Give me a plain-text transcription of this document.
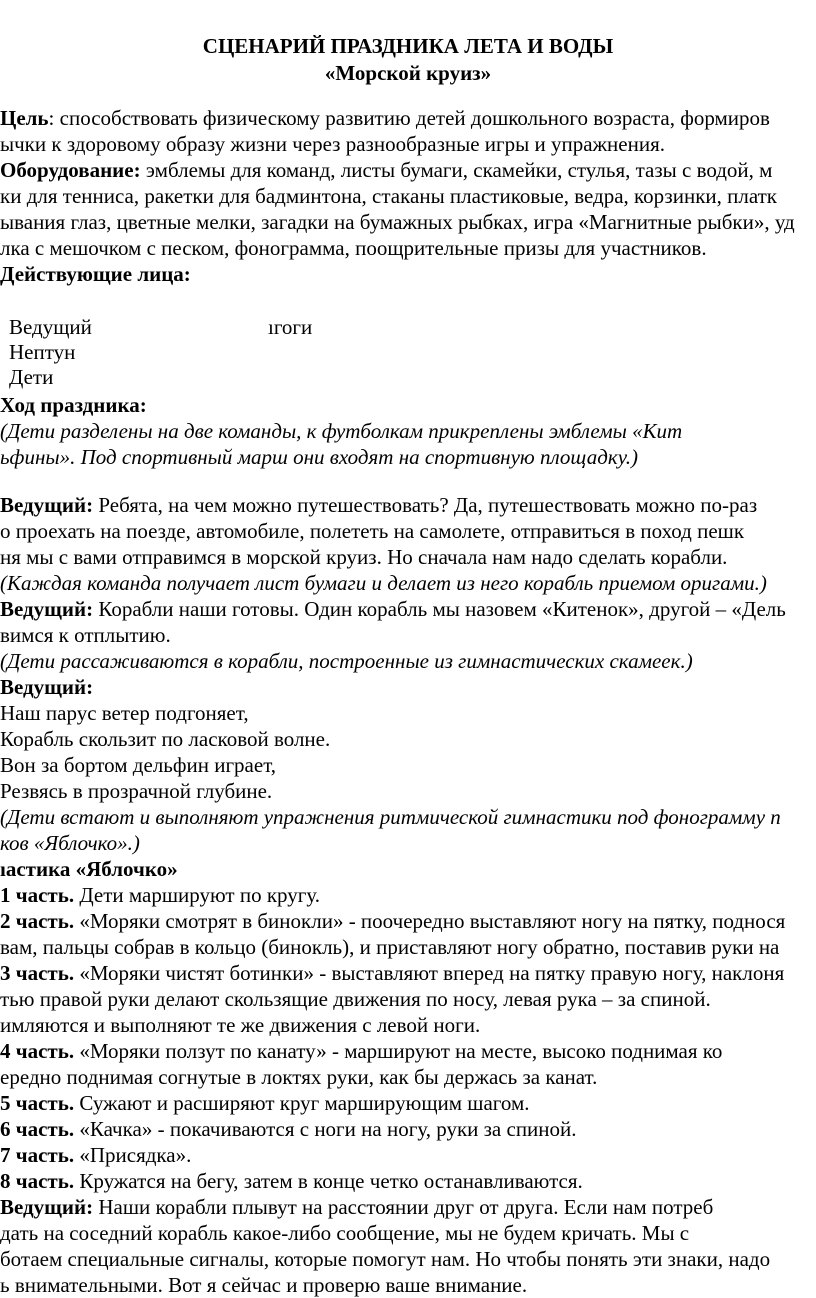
СЦЕНАРИЙ ПРАЗДНИКА ЛЕТА И ВОДЫ
«Морской круиз»
Цель: способствовать физическому развитию детей дошкольного возраста, формиров
ычки к здоровому образу жизни через разнообразные игры и упражнения.
Оборудование: эмблемы для команд, листы бумаги, скамейки, стулья, тазы с водой, м
ки для тенниса, ракетки для бадминтона, стаканы пластиковые, ведра, корзинки, платк
ывания глаз, цветные мелки, загадки на бумажных рыбках, игра «Магнитные рыбки», уд
лка с мешочком с песком, фонограмма, поощрительные призы для участников.
Действующие лица:
Ведущий	ıгоги
Нептун
Дети
Ход праздника:
(Дети разделены на две команды, к футболкам прикреплены эмблемы «Кит
ьфины». Под спортивный марш они входят на спортивную площадку.)
Ведущий: Ребята, на чем можно путешествовать? Да, путешествовать можно по-раз
о проехать на поезде, автомобиле, полететь на самолете, отправиться в поход пешк
ня мы с вами отправимся в морской круиз. Но сначала нам надо сделать корабли.
(Каждая команда получает лист бумаги и делает из него корабль приемом оригами.)
Ведущий: Корабли наши готовы. Один корабль мы назовем «Китенок», другой – «Дель
вимся к отплытию.
(Дети рассаживаются в корабли, построенные из гимнастических скамеек.)
Ведущий:
Наш парус ветер подгоняет,
Корабль скользит по ласковой волне.
Вон за бортом дельфин играет,
Резвясь в прозрачной глубине.
(Дети встают и выполняют упражнения ритмической гимнастики под фонограмму п
ков «Яблочко».)
ıастика «Яблочко»
1 часть. Дети маршируют по кругу.
2 часть. «Моряки смотрят в бинокли» - поочередно выставляют ногу на пятку, поднося
вам, пальцы собрав в кольцо (бинокль), и приставляют ногу обратно, поставив руки на
3 часть. «Моряки чистят ботинки» - выставляют вперед на пятку правую ногу, наклоня
тью правой руки делают скользящие движения по носу, левая рука – за спиной.
имляются и выполняют те же движения с левой ноги.
4 часть. «Моряки ползут по канату» - маршируют на месте, высоко поднимая ко
ередно поднимая согнутые в локтях руки, как бы держась за канат.
5 часть. Сужают и расширяют круг марширующим шагом.
6 часть. «Качка» - покачиваются с ноги на ногу, руки за спиной.
7 часть. «Присядка».
8 часть. Кружатся на бегу, затем в конце четко останавливаются.
Ведущий: Наши корабли плывут на расстоянии друг от друга. Если нам потреб
дать на соседний корабль какое-либо сообщение, мы не будем кричать. Мы с
ботаем специальные сигналы, которые помогут нам. Но чтобы понять эти знаки, надо
ь внимательными. Вот я сейчас и проверю ваше внимание.
